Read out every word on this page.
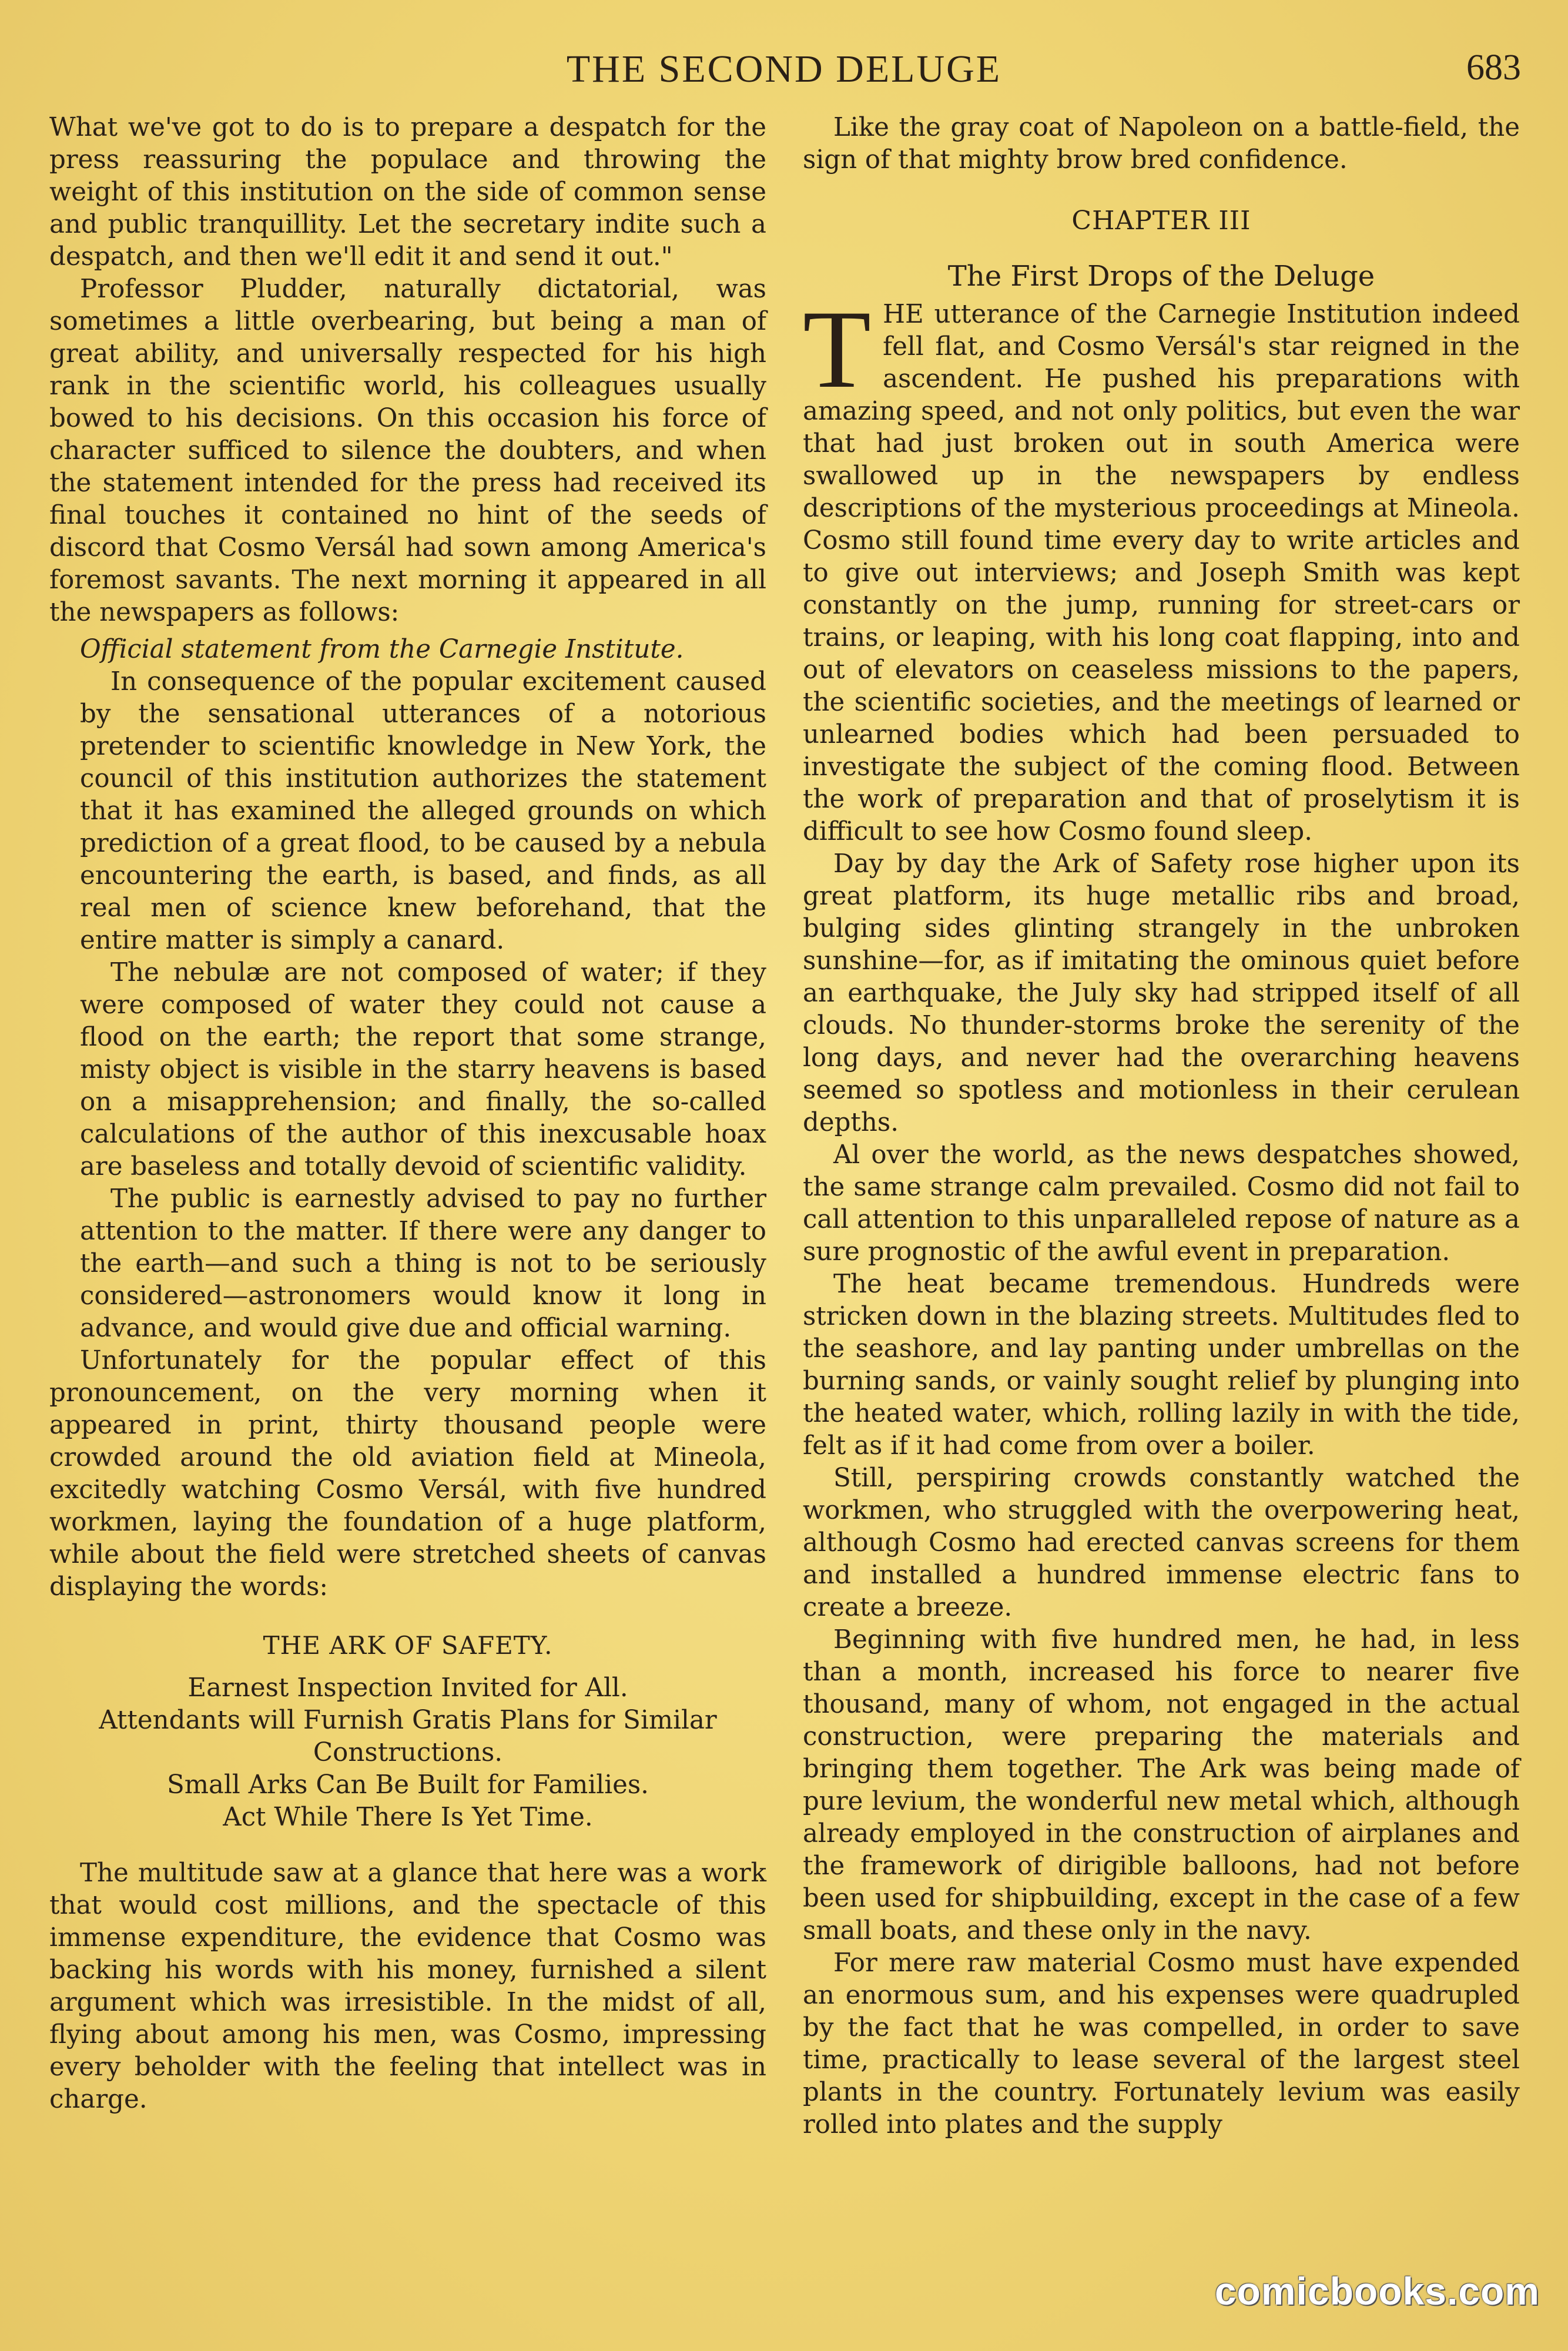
THE SECOND DELUGE	683

What we've got to do is to prepare a despatch for the press reassuring the populace and throwing the weight of this institution on the side of common sense and public tranquillity. Let the secretary indite such a despatch, and then we'll edit it and send it out."

Professor Pludder, naturally dictatorial, was sometimes a little overbearing, but being a man of great ability, and universally respected for his high rank in the scientific world, his colleagues usually bowed to his decisions. On this occasion his force of character sufficed to silence the doubters, and when the statement intended for the press had received its final touches it contained no hint of the seeds of discord that Cosmo Versál had sown among America's foremost savants. The next morning it appeared in all the newspapers as follows:

Official statement from the Carnegie Institute.

In consequence of the popular excitement caused by the sensational utterances of a notorious pretender to scientific knowledge in New York, the council of this institution authorizes the statement that it has examined the alleged grounds on which prediction of a great flood, to be caused by a nebula encountering the earth, is based, and finds, as all real men of science knew beforehand, that the entire matter is simply a canard.

The nebulæ are not composed of water; if they were composed of water they could not cause a flood on the earth; the report that some strange, misty object is visible in the starry heavens is based on a misapprehension; and finally, the so-called calculations of the author of this inexcusable hoax are baseless and totally devoid of scientific validity.

The public is earnestly advised to pay no further attention to the matter. If there were any danger to the earth—and such a thing is not to be seriously considered—astronomers would know it long in advance, and would give due and official warning.

Unfortunately for the popular effect of this pronouncement, on the very morning when it appeared in print, thirty thousand people were crowded around the old aviation field at Mineola, excitedly watching Cosmo Versál, with five hundred workmen, laying the foundation of a huge platform, while about the field were stretched sheets of canvas displaying the words:

THE ARK OF SAFETY.
Earnest Inspection Invited for All.
Attendants will Furnish Gratis Plans for Similar Constructions.
Small Arks Can Be Built for Families.
Act While There Is Yet Time.

The multitude saw at a glance that here was a work that would cost millions, and the spectacle of this immense expenditure, the evidence that Cosmo was backing his words with his money, furnished a silent argument which was irresistible. In the midst of all, flying about among his men, was Cosmo, impressing every beholder with the feeling that intellect was in charge.

Like the gray coat of Napoleon on a battle-field, the sign of that mighty brow bred confidence.

CHAPTER III
The First Drops of the Deluge

THE utterance of the Carnegie Institution indeed fell flat, and Cosmo Versál's star reigned in the ascendent. He pushed his preparations with amazing speed, and not only politics, but even the war that had just broken out in south America were swallowed up in the newspapers by endless descriptions of the mysterious proceedings at Mineola. Cosmo still found time every day to write articles and to give out interviews; and Joseph Smith was kept constantly on the jump, running for street-cars or trains, or leaping, with his long coat flapping, into and out of elevators on ceaseless missions to the papers, the scientific societies, and the meetings of learned or unlearned bodies which had been persuaded to investigate the subject of the coming flood. Between the work of preparation and that of proselytism it is difficult to see how Cosmo found sleep.

Day by day the Ark of Safety rose higher upon its great platform, its huge metallic ribs and broad, bulging sides glinting strangely in the unbroken sunshine—for, as if imitating the ominous quiet before an earthquake, the July sky had stripped itself of all clouds. No thunder-storms broke the serenity of the long days, and never had the overarching heavens seemed so spotless and motionless in their cerulean depths.

Al over the world, as the news despatches showed, the same strange calm prevailed. Cosmo did not fail to call attention to this unparalleled repose of nature as a sure prognostic of the awful event in preparation.

The heat became tremendous. Hundreds were stricken down in the blazing streets. Multitudes fled to the seashore, and lay panting under umbrellas on the burning sands, or vainly sought relief by plunging into the heated water, which, rolling lazily in with the tide, felt as if it had come from over a boiler.

Still, perspiring crowds constantly watched the workmen, who struggled with the overpowering heat, although Cosmo had erected canvas screens for them and installed a hundred immense electric fans to create a breeze.

Beginning with five hundred men, he had, in less than a month, increased his force to nearer five thousand, many of whom, not engaged in the actual construction, were preparing the materials and bringing them together. The Ark was being made of pure levium, the wonderful new metal which, although already employed in the construction of airplanes and the framework of dirigible balloons, had not before been used for shipbuilding, except in the case of a few small boats, and these only in the navy.

For mere raw material Cosmo must have expended an enormous sum, and his expenses were quadrupled by the fact that he was compelled, in order to save time, practically to lease several of the largest steel plants in the country. Fortunately levium was easily rolled into plates and the supply

comicbooks.com
